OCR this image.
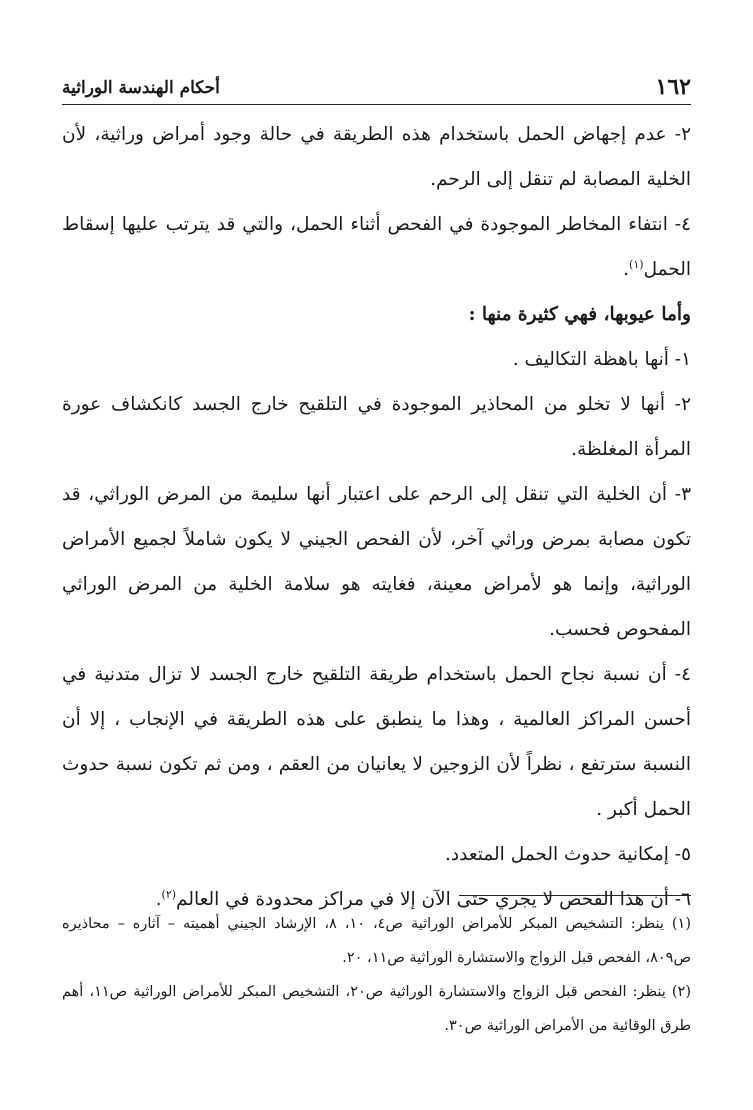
١٦٢
أحكام الهندسة الوراثية

٢- عدم إجهاض الحمل باستخدام هذه الطريقة في حالة وجود أمراض وراثية، لأن الخلية المصابة لم تنقل إلى الرحم.

٤- انتفاء المخاطر الموجودة في الفحص أثناء الحمل، والتي قد يترتب عليها إسقاط الحمل$^{(١)}$.

وأما عيوبها، فهي كثيرة منها :

١- أنها باهظة التكاليف .

٢- أنها لا تخلو من المحاذير الموجودة في التلقيح خارج الجسد كانكشاف عورة المرأة المغلظة.

٣- أن الخلية التي تنقل إلى الرحم على اعتبار أنها سليمة من المرض الوراثي، قد تكون مصابة بمرض وراثي آخر، لأن الفحص الجيني لا يكون شاملاً لجميع الأمراض الوراثية، وإنما هو لأمراض معينة، فغايته هو سلامة الخلية من المرض الوراثي المفحوص فحسب.

٤- أن نسبة نجاح الحمل باستخدام طريقة التلقيح خارج الجسد لا تزال متدنية في أحسن المراكز العالمية ، وهذا ما ينطبق على هذه الطريقة في الإنجاب ، إلا أن النسبة سترتفع ، نظراً لأن الزوجين لا يعانيان من العقم ، ومن ثم تكون نسبة حدوث الحمل أكبر .

٥- إمكانية حدوث الحمل المتعدد.

٦- أن هذا الفحص لا يجري حتى الآن إلا في مراكز محدودة في العالم$^{(٢)}$.

(١) ينظر: التشخيص المبكر للأمراض الوراثية ص٤، ١٠، ٨، الإرشاد الجيني أهميته – آثاره – محاذيره ص٨٠٩، الفحص قبل الزواج والاستشارة الوراثية ص١١، ٢٠.

(٢) ينظر: الفحص قبل الزواج والاستشارة الوراثية ص٢٠، التشخيص المبكر للأمراض الوراثية ص١١، أهم طرق الوقائية من الأمراض الوراثية ص٣٠.
